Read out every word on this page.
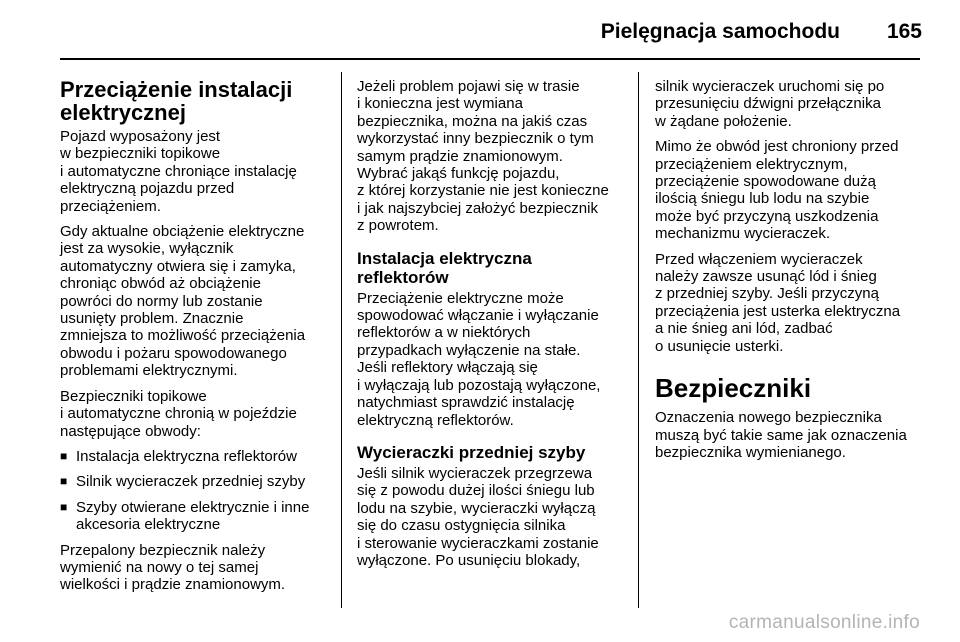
Pielęgnacja samochodu 165
Przeciążenie instalacji elektrycznej

Pojazd wyposażony jest
w bezpieczniki topikowe
i automatyczne chroniące instalację
elektryczną pojazdu przed
przeciążeniem.

Gdy aktualne obciążenie elektryczne
jest za wysokie, wyłącznik
automatyczny otwiera się i zamyka,
chroniąc obwód aż obciążenie
powróci do normy lub zostanie
usunięty problem. Znacznie
zmniejsza to możliwość przeciążenia
obwodu i pożaru spowodowanego
problemami elektrycznymi.

Bezpieczniki topikowe
i automatyczne chronią w pojeździe
następujące obwody:

■ Instalacja elektryczna reflektorów
■ Silnik wycieraczek przedniej szyby
■ Szyby otwierane elektrycznie i inne
akcesoria elektryczne

Przepalony bezpiecznik należy
wymienić na nowy o tej samej
wielkości i prądzie znamionowym.

Jeżeli problem pojawi się w trasie
i konieczna jest wymiana
bezpiecznika, można na jakiś czas
wykorzystać inny bezpiecznik o tym
samym prądzie znamionowym.
Wybrać jakąś funkcję pojazdu,
z której korzystanie nie jest konieczne
i jak najszybciej założyć bezpiecznik
z powrotem.

Instalacja elektryczna reflektorów

Przeciążenie elektryczne może
spowodować włączanie i wyłączanie
reflektorów a w niektórych
przypadkach wyłączenie na stałe.
Jeśli reflektory włączają się
i wyłączają lub pozostają wyłączone,
natychmiast sprawdzić instalację
elektryczną reflektorów.

Wycieraczki przedniej szyby

Jeśli silnik wycieraczek przegrzewa
się z powodu dużej ilości śniegu lub
lodu na szybie, wycieraczki wyłączą
się do czasu ostygnięcia silnika
i sterowanie wycieraczkami zostanie
wyłączone. Po usunięciu blokady,

silnik wycieraczek uruchomi się po
przesunięciu dźwigni przełącznika
w żądane położenie.

Mimo że obwód jest chroniony przed
przeciążeniem elektrycznym,
przeciążenie spowodowane dużą
ilością śniegu lub lodu na szybie
może być przyczyną uszkodzenia
mechanizmu wycieraczek.

Przed włączeniem wycieraczek
należy zawsze usunąć lód i śnieg
z przedniej szyby. Jeśli przyczyną
przeciążenia jest usterka elektryczna
a nie śnieg ani lód, zadbać
o usunięcie usterki.

Bezpieczniki

Oznaczenia nowego bezpiecznika
muszą być takie same jak oznaczenia
bezpiecznika wymienianego.

carmanualsonline.info
